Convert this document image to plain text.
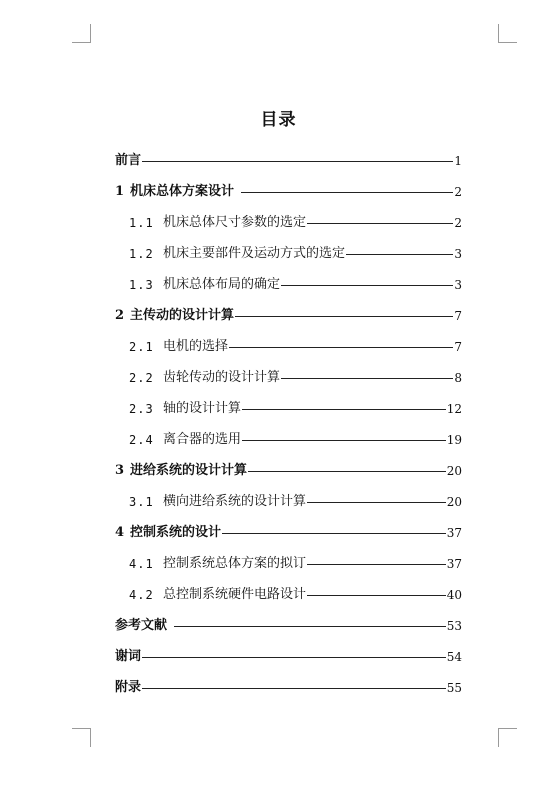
目录
前言	1
1 机床总体方案设计	2
1.1 机床总体尺寸参数的选定	2
1.2 机床主要部件及运动方式的选定	3
1.3 机床总体布局的确定	3
2 主传动的设计计算	7
2.1 电机的选择	7
2.2 齿轮传动的设计计算	8
2.3 轴的设计计算	12
2.4 离合器的选用	19
3 进给系统的设计计算	20
3.1 横向进给系统的设计计算	20
4 控制系统的设计	37
4.1 控制系统总体方案的拟订	37
4.2 总控制系统硬件电路设计	40
参考文献	53
谢词	54
附录	55
